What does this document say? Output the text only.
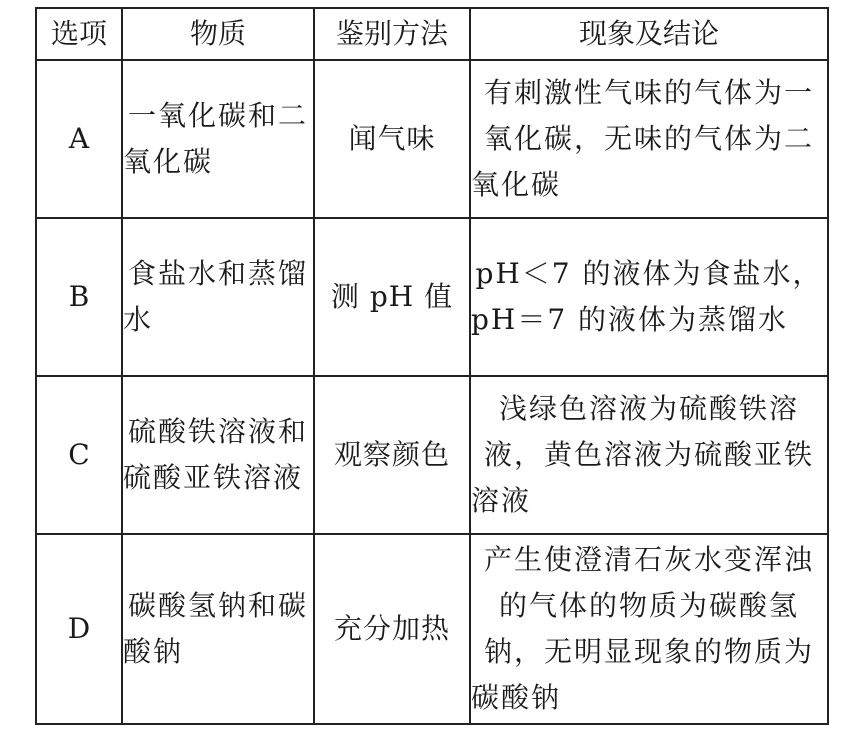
选项	物质	鉴别方法	现象及结论
A	一氧化碳和二氧化碳	闻气味	有刺激性气味的气体为一氧化碳，无味的气体为二氧化碳
B	食盐水和蒸馏水	测 pH 值	pH＜7 的液体为食盐水，pH＝7 的液体为蒸馏水
C	硫酸铁溶液和硫酸亚铁溶液	观察颜色	浅绿色溶液为硫酸铁溶液，黄色溶液为硫酸亚铁溶液
D	碳酸氢钠和碳酸钠	充分加热	产生使澄清石灰水变浑浊的气体的物质为碳酸氢钠，无明显现象的物质为碳酸钠
